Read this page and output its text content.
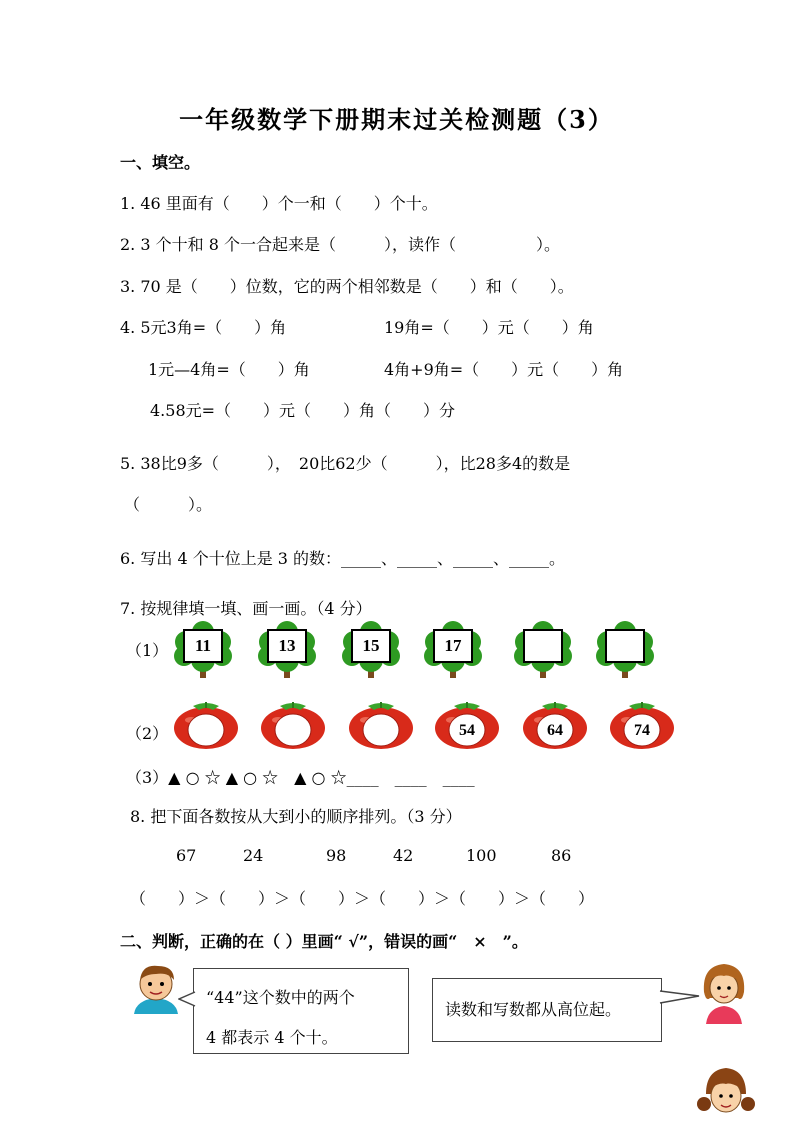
一年级数学下册期末过关检测题（3）
一、填空。
1. 46 里面有（　　）个一和（　　）个十。
2. 3 个十和 8 个一合起来是（　　　），读作（　　　　　）。
3. 70 是（　　）位数，它的两个相邻数是（　　）和（　　）。
4. 5元3角=（　　）角	19角=（　　）元（　　）角
1元—4角=（　　）角	4角+9角=（　　）元（　　）角
4.58元=（　　）元（　　）角（　　）分
5. 38比9多（　　　），　20比62少（　　　），比28多4的数是
（　　　）。
6. 写出 4 个十位上是 3 的数：_____、_____、_____、_____。
7. 按规律填一填、画一画。（4 分）
（1）	11	13	15	17
（2）	54	64	74
（3）▲ ○ ☆ ▲ ○ ☆　▲ ○ ☆____　____　____
8. 把下面各数按从大到小的顺序排列。（3 分）
67	24	98	42	100	86
（　　）＞（　　）＞（　　）＞（　　）＞（　　）＞（　　）
二、判断，正确的在（ ）里画“ √”，错误的画“　×　”。
“44”这个数中的两个
4 都表示 4 个十。
读数和写数都从高位起。
